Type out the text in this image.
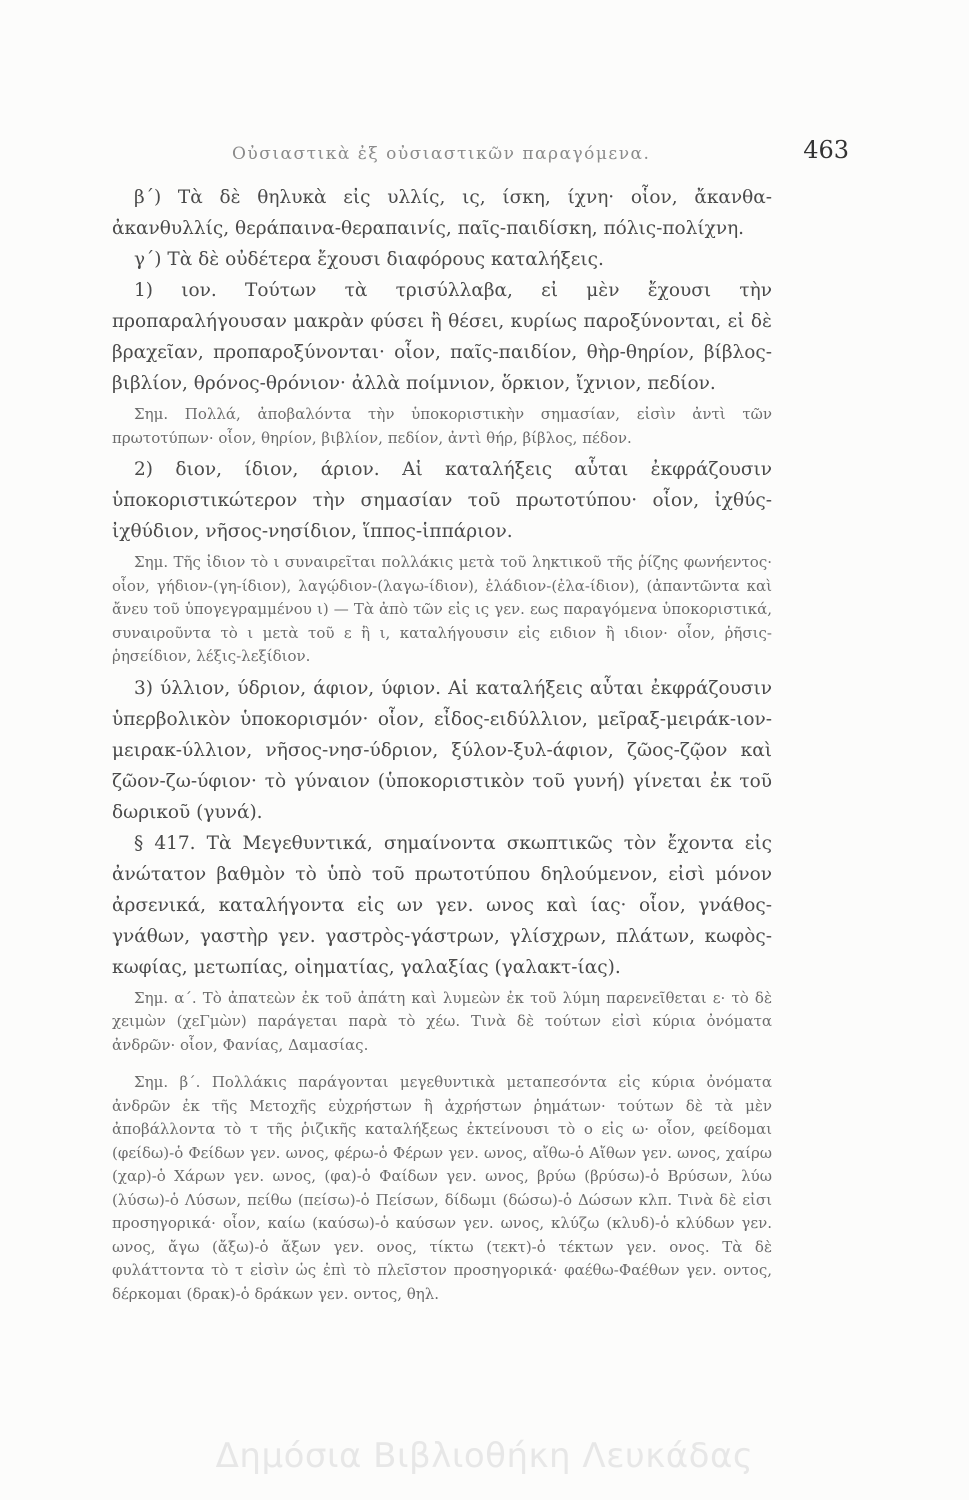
Οὐσιαστικὰ ἐξ οὐσιαστικῶν παραγόμενα.	463

β΄) Τὰ δὲ θηλυκὰ εἰς υλλίς, ις, ίσκη, ίχνη· οἷον, ἄκανθα-ἀκανθυλλίς, θεράπαινα-θεραπαινίς, παῖς-παιδίσκη, πόλις-πολίχνη.

γ΄) Τὰ δὲ οὐδέτερα ἔχουσι διαφόρους καταλήξεις.

1) ιον. Τούτων τὰ τρισύλλαβα, εἰ μὲν ἔχουσι τὴν προπαραλήγουσαν μακρὰν φύσει ἢ θέσει, κυρίως παροξύνονται, εἰ δὲ βραχεῖαν, προπαροξύνονται· οἷον, παῖς-παιδίον, θὴρ-θηρίον, βίβλος-βιβλίον, θρόνος-θρόνιον· ἀλλὰ ποίμνιον, ὅρκιον, ἴχνιον, πεδίον.

Σημ. Πολλά, ἀποβαλόντα τὴν ὑποκοριστικὴν σημασίαν, εἰσὶν ἀντὶ τῶν πρωτοτύπων· οἷον, θηρίον, βιβλίον, πεδίον, ἀντὶ θήρ, βίβλος, πέδον.

2) διον, ίδιον, άριον. Αἱ καταλήξεις αὗται ἐκφράζουσιν ὑποκοριστικώτερον τὴν σημασίαν τοῦ πρωτοτύπου· οἷον, ἰχθύς-ἰχθύδιον, νῆσος-νησίδιον, ἵππος-ἱππάριον.

Σημ. Τῆς ἰδιον τὸ ι συναιρεῖται πολλάκις μετὰ τοῦ ληκτικοῦ τῆς ῥίζης φωνήεντος· οἷον, γήδιον-(γη-ίδιον), λαγῴδιον-(λαγω-ίδιον), ἐλάδιον-(ἐλα-ίδιον), (ἀπαντῶντα καὶ ἄνευ τοῦ ὑπογεγραμμένου ι) — Τὰ ἀπὸ τῶν εἰς ις γεν. εως παραγόμενα ὑποκοριστικά, συναιροῦντα τὸ ι μετὰ τοῦ ε ἢ ι, καταλήγουσιν εἰς ειδιον ἢ ιδιον· οἷον, ῥῆσις-ῥησείδιον, λέξις-λεξίδιον.

3) ύλλιον, ύδριον, άφιον, ύφιον. Αἱ καταλήξεις αὗται ἐκφράζουσιν ὑπερβολικὸν ὑποκορισμόν· οἷον, εἶδος-ειδύλλιον, μεῖραξ-μειράκ-ιον-μειρακ-ύλλιον, νῆσος-νησ-ύδριον, ξύλον-ξυλ-άφιον, ζῶος-ζῷον καὶ ζῶον-ζω-ύφιον· τὸ γύναιον (ὑποκοριστικὸν τοῦ γυνή) γίνεται ἐκ τοῦ δωρικοῦ (γυνά).

§ 417. Τὰ Μεγεθυντικά, σημαίνοντα σκωπτικῶς τὸν ἔχοντα εἰς ἀνώτατον βαθμὸν τὸ ὑπὸ τοῦ πρωτοτύπου δηλούμενον, εἰσὶ μόνον ἀρσενικά, καταλήγοντα εἰς ων γεν. ωνος καὶ ίας· οἷον, γνάθος-γνάθων, γαστὴρ γεν. γαστρὸς-γάστρων, γλίσχρων, πλάτων, κωφὸς-κωφίας, μετωπίας, οἰηματίας, γαλαξίας (γαλακτ-ίας).

Σημ. α΄. Τὸ ἀπατεὼν ἐκ τοῦ ἀπάτη καὶ λυμεὼν ἐκ τοῦ λύμη παρενεῖθεται ε· τὸ δὲ χειμὼν (χεΓμὼν) παράγεται παρὰ τὸ χέω. Τινὰ δὲ τούτων εἰσὶ κύρια ὀνόματα ἀνδρῶν· οἷον, Φανίας, Δαμασίας.

Σημ. β΄. Πολλάκις παράγονται μεγεθυντικὰ μεταπεσόντα εἰς κύρια ὀνόματα ἀνδρῶν ἐκ τῆς Μετοχῆς εὐχρήστων ἢ ἀχρήστων ῥημάτων· τούτων δὲ τὰ μὲν ἀποβάλλοντα τὸ τ τῆς ῥιζικῆς καταλήξεως ἐκτείνουσι τὸ ο εἰς ω· οἷον, φείδομαι (φείδω)-ὁ Φείδων γεν. ωνος, φέρω-ὁ Φέρων γεν. ωνος, αἴθω-ὁ Αἴθων γεν. ωνος, χαίρω (χαρ)-ὁ Χάρων γεν. ωνος, (φα)-ὁ Φαίδων γεν. ωνος, βρύω (βρύσω)-ὁ Βρύσων, λύω (λύσω)-ὁ Λύσων, πείθω (πείσω)-ὁ Πείσων, δίδωμι (δώσω)-ὁ Δώσων κλπ. Τινὰ δὲ εἰσι προσηγορικά· οἷον, καίω (καύσω)-ὁ καύσων γεν. ωνος, κλύζω (κλυδ)-ὁ κλύδων γεν. ωνος, ἄγω (ἄξω)-ὁ ἄξων γεν. ονος, τίκτω (τεκτ)-ὁ τέκτων γεν. ονος. Τὰ δὲ φυλάττοντα τὸ τ εἰσὶν ὡς ἐπὶ τὸ πλεῖστον προσηγορικά· φαέθω-Φαέθων γεν. οντος, δέρκομαι (δρακ)-ὁ δράκων γεν. οντος, θηλ.

Δημόσια Βιβλιοθήκη Λευκάδας
